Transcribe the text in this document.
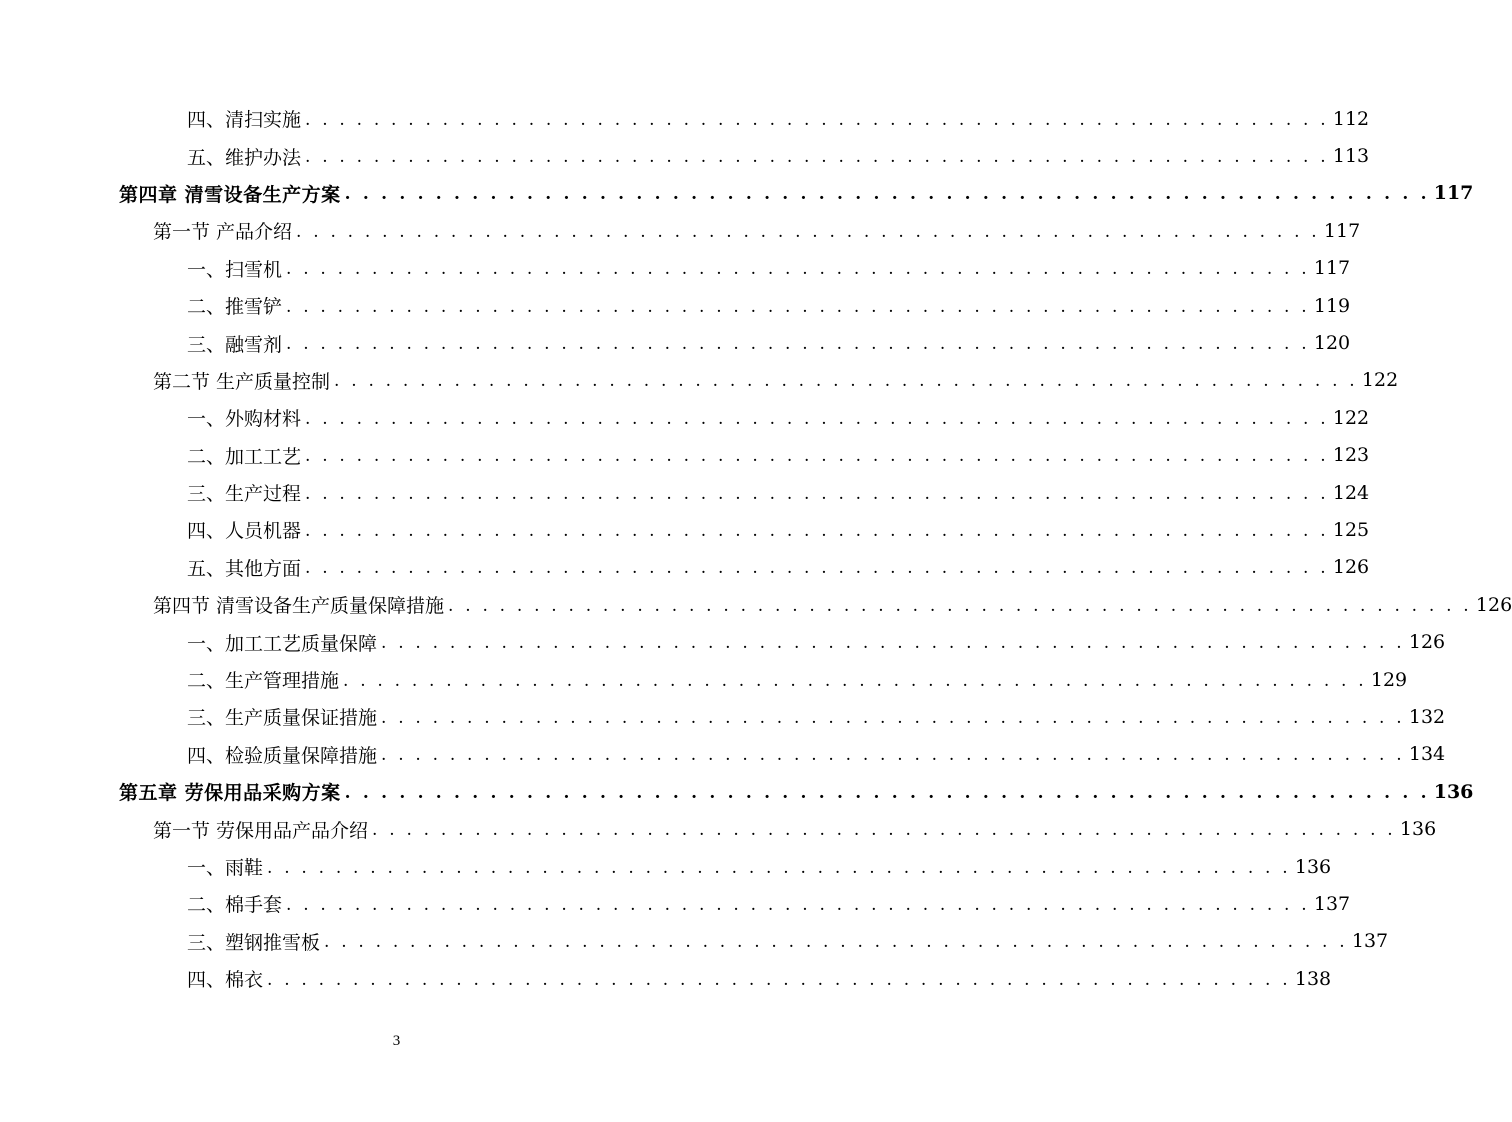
四、清扫实施 . . . . . . . . . . . . . . . . . . . . . . . . . . . . . . . . . . . . . . . . . . . . . . . . . . . . . . . . . . . . 112
五、维护办法 . . . . . . . . . . . . . . . . . . . . . . . . . . . . . . . . . . . . . . . . . . . . . . . . . . . . . . . . . . . . 113
第四章 清雪设备生产方案 . . . . . . . . . . . . . . . . . . . . . . . . . . . . . . . . . . . . . . . . . . . . . . . . . . . . . . . . . . . . 117
第一节 产品介绍 . . . . . . . . . . . . . . . . . . . . . . . . . . . . . . . . . . . . . . . . . . . . . . . . . . . . . . . . . . . . 117
一、扫雪机 . . . . . . . . . . . . . . . . . . . . . . . . . . . . . . . . . . . . . . . . . . . . . . . . . . . . . . . . . . . . 117
二、推雪铲 . . . . . . . . . . . . . . . . . . . . . . . . . . . . . . . . . . . . . . . . . . . . . . . . . . . . . . . . . . . . 119
三、融雪剂 . . . . . . . . . . . . . . . . . . . . . . . . . . . . . . . . . . . . . . . . . . . . . . . . . . . . . . . . . . . . 120
第二节 生产质量控制 . . . . . . . . . . . . . . . . . . . . . . . . . . . . . . . . . . . . . . . . . . . . . . . . . . . . . . . . . . . . 122
一、外购材料 . . . . . . . . . . . . . . . . . . . . . . . . . . . . . . . . . . . . . . . . . . . . . . . . . . . . . . . . . . . . 122
二、加工工艺 . . . . . . . . . . . . . . . . . . . . . . . . . . . . . . . . . . . . . . . . . . . . . . . . . . . . . . . . . . . . 123
三、生产过程 . . . . . . . . . . . . . . . . . . . . . . . . . . . . . . . . . . . . . . . . . . . . . . . . . . . . . . . . . . . . 124
四、人员机器 . . . . . . . . . . . . . . . . . . . . . . . . . . . . . . . . . . . . . . . . . . . . . . . . . . . . . . . . . . . . 125
五、其他方面 . . . . . . . . . . . . . . . . . . . . . . . . . . . . . . . . . . . . . . . . . . . . . . . . . . . . . . . . . . . . 126
第四节 清雪设备生产质量保障措施 . . . . . . . . . . . . . . . . . . . . . . . . . . . . . . . . . . . . . . . . . . . . . . . . . . . . . . . . . . . . 126
一、加工工艺质量保障 . . . . . . . . . . . . . . . . . . . . . . . . . . . . . . . . . . . . . . . . . . . . . . . . . . . . . . . . . . . . 126
二、生产管理措施 . . . . . . . . . . . . . . . . . . . . . . . . . . . . . . . . . . . . . . . . . . . . . . . . . . . . . . . . . . . . 129
三、生产质量保证措施 . . . . . . . . . . . . . . . . . . . . . . . . . . . . . . . . . . . . . . . . . . . . . . . . . . . . . . . . . . . . 132
四、检验质量保障措施 . . . . . . . . . . . . . . . . . . . . . . . . . . . . . . . . . . . . . . . . . . . . . . . . . . . . . . . . . . . . 134
第五章 劳保用品采购方案 . . . . . . . . . . . . . . . . . . . . . . . . . . . . . . . . . . . . . . . . . . . . . . . . . . . . . . . . . . . . 136
第一节 劳保用品产品介绍 . . . . . . . . . . . . . . . . . . . . . . . . . . . . . . . . . . . . . . . . . . . . . . . . . . . . . . . . . . . . 136
一、雨鞋 . . . . . . . . . . . . . . . . . . . . . . . . . . . . . . . . . . . . . . . . . . . . . . . . . . . . . . . . . . . . 136
二、棉手套 . . . . . . . . . . . . . . . . . . . . . . . . . . . . . . . . . . . . . . . . . . . . . . . . . . . . . . . . . . . . 137
三、塑钢推雪板 . . . . . . . . . . . . . . . . . . . . . . . . . . . . . . . . . . . . . . . . . . . . . . . . . . . . . . . . . . . . 137
四、棉衣 . . . . . . . . . . . . . . . . . . . . . . . . . . . . . . . . . . . . . . . . . . . . . . . . . . . . . . . . . . . . 138
3
